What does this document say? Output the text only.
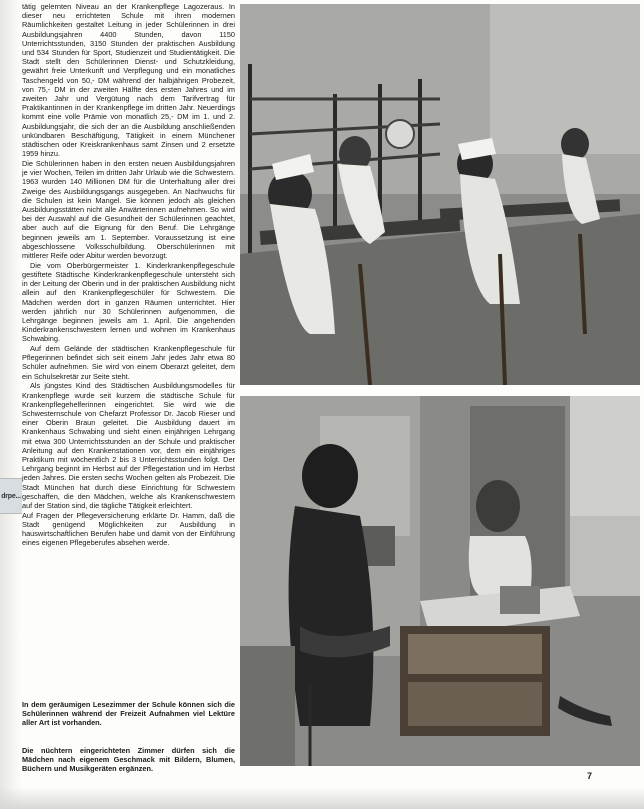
drpe...

tätig gelernten Niveau an der Krankenpflege Lagozeraus. In dieser neu errichteten Schule mit ihren modernen Räumlichkeiten gestaltet Leitung in jeder Schülerinnen in drei Ausbildungsjahren 4400 Stunden, davon 1150 Unterrichtsstunden, 3150 Stunden der praktischen Ausbildung und 534 Stunden für Sport, Studienzeit und Studientätigkeit. Die Stadt stellt den Schülerinnen Dienst- und Schutzkleidung, gewährt freie Unterkunft und Verpflegung und ein monatliches Taschengeld von 50,- DM während der halbjährigen Probezeit, von 75,- DM in der zweiten Hälfte des ersten Jahres und im zweiten Jahr und Vergütung nach dem Tarifvertrag für Praktikantinnen in der Krankenpflege im dritten Jahr. Neuerdings kommt eine volle Prämie von monatlich 25,- DM im 1. und 2. Ausbildungsjahr, die sich der an die Ausbildung anschließenden unkündbaren Beschäftigung, Tätigkeit in einem Münchener städtischen oder Kreiskrankenhaus samt Zinsen und 2 ersetzte 1959 hinzu.

Die Schülerinnen haben in den ersten neuen Ausbildungsjahren je vier Wochen, Teilen im dritten Jahr Urlaub wie die Schwestern. 1963 wurden 140 Millionen DM für die Unterhaltung aller drei Zweige des Ausbildungsgangs ausgegeben. An Nachwuchs für die Schulen ist kein Mangel. Sie können jedoch als gleichen Ausbildungsstätten nicht alle Anwärterinnen aufnehmen. So wird bei der Auswahl auf die Gesundheit der Schülerinnen geachtet, aber auch auf die Eignung für den Beruf. Die Lehrgänge beginnen jeweils am 1. September. Voraussetzung ist eine abgeschlossene Volksschulbildung. Oberschülerinnen mit mittlerer Reife oder Abitur werden bevorzugt.

Die vom Oberbürgermeister 1. Kinderkrankenpflegeschule gestiftete Städtische Kinderkrankenpflegeschule untersteht sich in der Leitung der Oberin und in der praktischen Ausbildung nicht allein auf den Krankenpflegeschüler für Schwestern. Die Mädchen werden dort in ganzen Räumen unterrichtet. Hier werden jährlich nur 30 Schülerinnen aufgenommen, die Lehrgänge beginnen jeweils am 1. April. Die angehenden Kinderkrankenschwestern lernen und wohnen im Krankenhaus Schwabing.

Auf dem Gelände der städtischen Krankenpflegeschule für Pflegerinnen befindet sich seit einem Jahr jedes Jahr etwa 80 Schüler aufnehmen. Sie wird von einem Oberarzt geleitet, dem ein Schulsekretär zur Seite steht.

Als jüngstes Kind des Städtischen Ausbildungsmodelles für Krankenpflege wurde seit kurzem die städtische Schule für Krankenpflegehelferinnen eingerichtet. Sie wird wie die Schwesternschule von Chefarzt Professor Dr. Jacob Rieser und einer Oberin Braun geleitet. Die Ausbildung dauert im Krankenhaus Schwabing und sieht einen einjährigen Lehrgang mit etwa 300 Unterrichtsstunden an der Schule und praktischer Anleitung auf den Krankenstationen vor, dem ein einjähriges Praktikum mit wöchentlich 2 bis 3 Unterrichtsstunden folgt. Der Lehrgang beginnt im Herbst auf der Pflegestation und im Herbst jeden Jahres. Die ersten sechs Wochen gelten als Probezeit. Die Stadt München hat durch diese Einrichtung für Schwestern geschaffen, die den Mädchen, welche als Krankenschwestern auf der Station sind, die tägliche Tätigkeit erleichtert.

Auf Fragen der Pflegeversicherung erklärte Dr. Hamm, daß die Stadt genügend Möglichkeiten zur Ausbildung in hauswirtschaftlichen Berufen habe und damit von der Einführung eines eigenen Pflegeberufes absehen werde.

In dem geräumigen Lesezimmer der Schule können sich die Schülerinnen während der Freizeit Aufnahmen viel Lektüre aller Art ist vorhanden.
Die nüchtern eingerichteten Zimmer dürfen sich die Mädchen nach eigenem Geschmack mit Bildern, Blumen, Büchern und Musikgeräten ergänzen.
7
